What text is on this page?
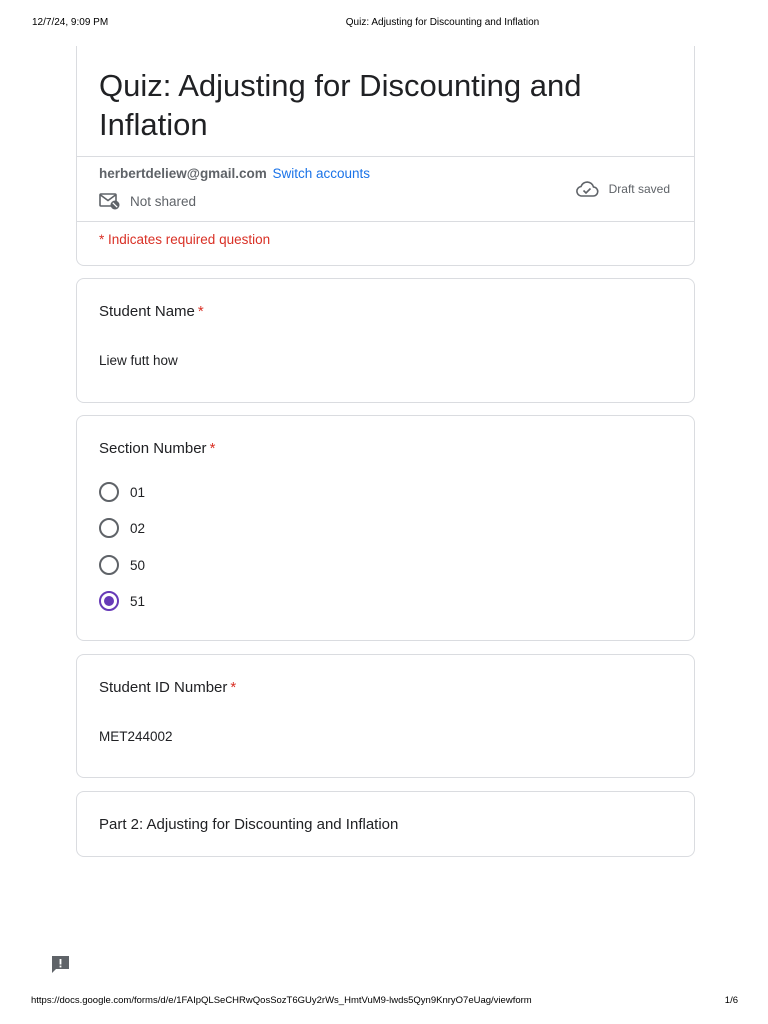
12/7/24, 9:09 PM	Quiz: Adjusting for Discounting and Inflation
Quiz: Adjusting for Discounting and Inflation
herbertdeliew@gmail.com Switch accounts
Not shared
Draft saved
* Indicates required question
Student Name *
Liew futt how
Section Number *
01
02
50
51
Student ID Number *
MET244002
Part 2: Adjusting for Discounting and Inflation
https://docs.google.com/forms/d/e/1FAIpQLSeCHRwQosSozT6GUy2rWs_HmtVuM9-lwds5Qyn9KnryO7eUag/viewform	1/6
